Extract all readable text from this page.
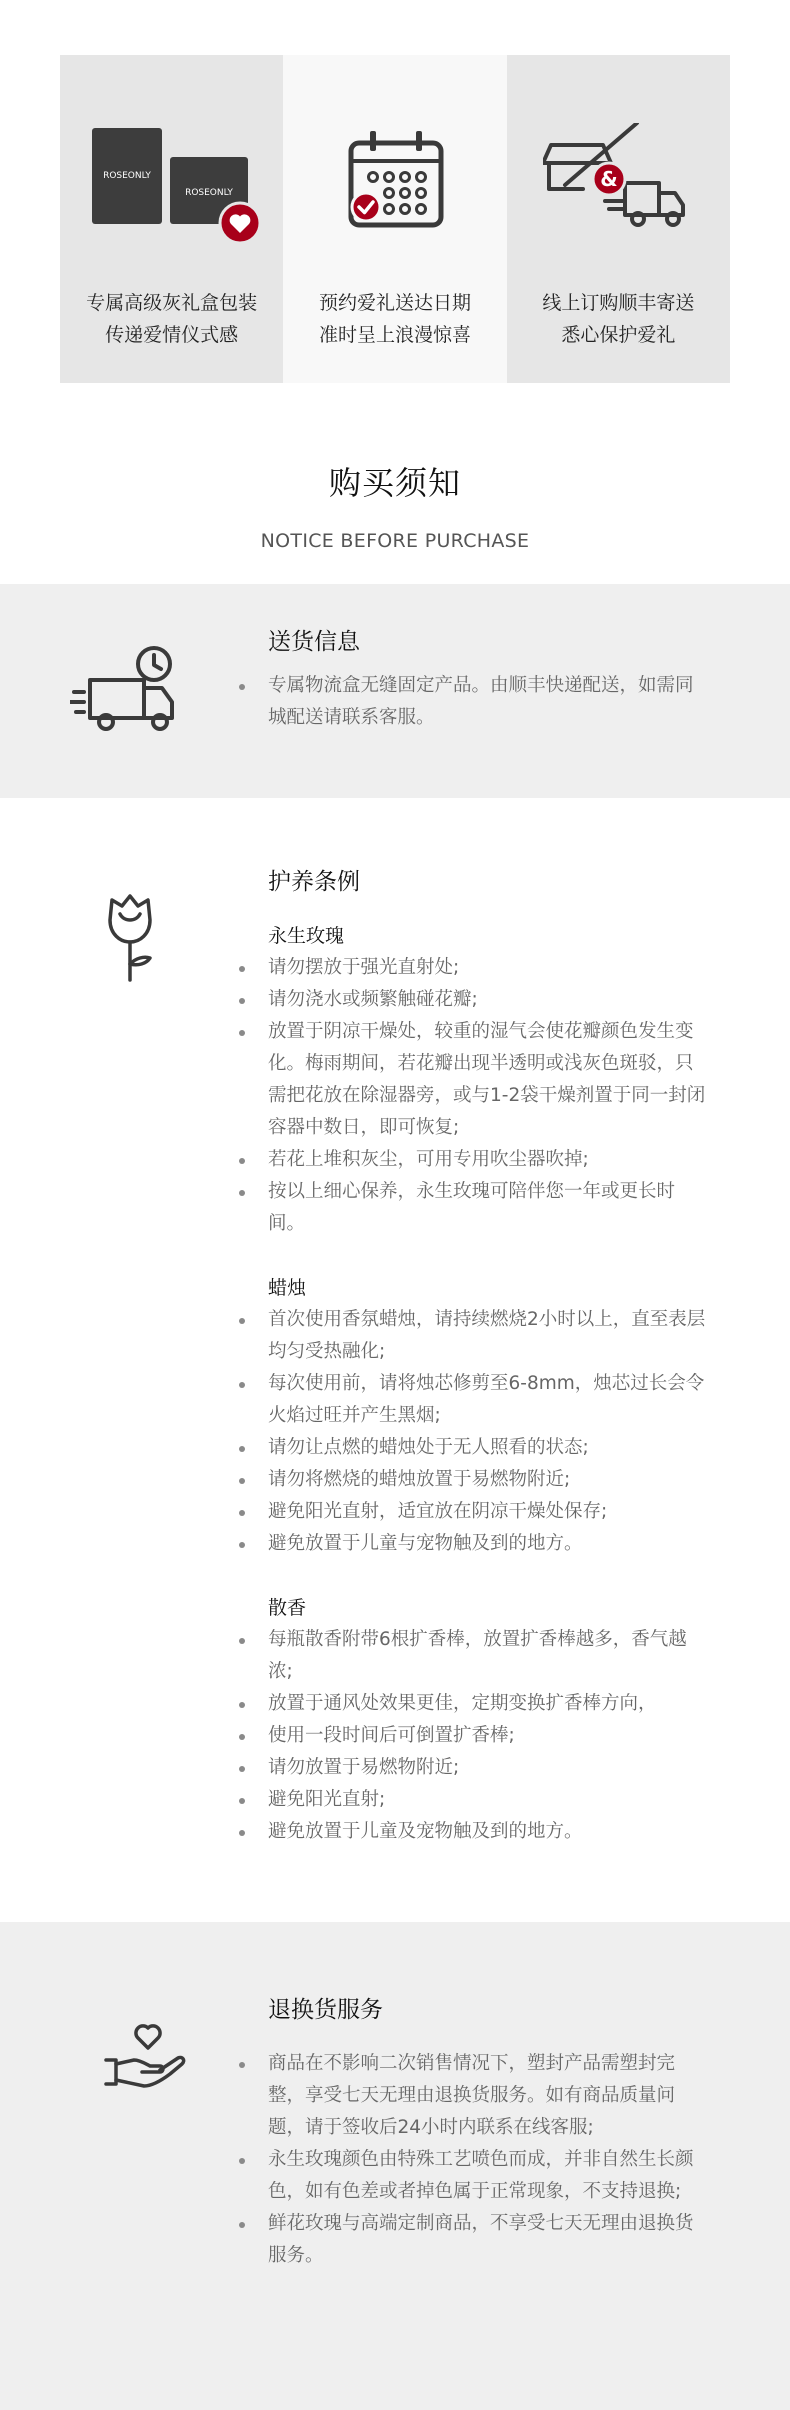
ROSEONLY
ROSEONLY
专属高级灰礼盒包装
传递爱情仪式感
预约爱礼送达日期
准时呈上浪漫惊喜
&
线上订购顺丰寄送
悉心保护爱礼
购买须知
NOTICE BEFORE PURCHASE
送货信息
专属物流盒无缝固定产品。由顺丰快递配送，如需同城配送请联系客服。
护养条例
永生玫瑰
请勿摆放于强光直射处;
请勿浇水或频繁触碰花瓣;
放置于阴凉干燥处，较重的湿气会使花瓣颜色发生变化。梅雨期间，若花瓣出现半透明或浅灰色斑驳，只需把花放在除湿器旁，或与1-2袋干燥剂置于同一封闭容器中数日，即可恢复;
若花上堆积灰尘，可用专用吹尘器吹掉;
按以上细心保养，永生玫瑰可陪伴您一年或更长时间。
蜡烛
首次使用香氛蜡烛，请持续燃烧2小时以上，直至表层均匀受热融化;
每次使用前，请将烛芯修剪至6-8mm，烛芯过长会令火焰过旺并产生黑烟;
请勿让点燃的蜡烛处于无人照看的状态;
请勿将燃烧的蜡烛放置于易燃物附近;
避免阳光直射，适宜放在阴凉干燥处保存;
避免放置于儿童与宠物触及到的地方。
散香
每瓶散香附带6根扩香棒，放置扩香棒越多，香气越浓;
放置于通风处效果更佳，定期变换扩香棒方向，
使用一段时间后可倒置扩香棒;
请勿放置于易燃物附近;
避免阳光直射;
避免放置于儿童及宠物触及到的地方。
退换货服务
商品在不影响二次销售情况下，塑封产品需塑封完整，享受七天无理由退换货服务。如有商品质量问题，请于签收后24小时内联系在线客服;
永生玫瑰颜色由特殊工艺喷色而成，并非自然生长颜色，如有色差或者掉色属于正常现象，不支持退换;
鲜花玫瑰与高端定制商品，不享受七天无理由退换货服务。
